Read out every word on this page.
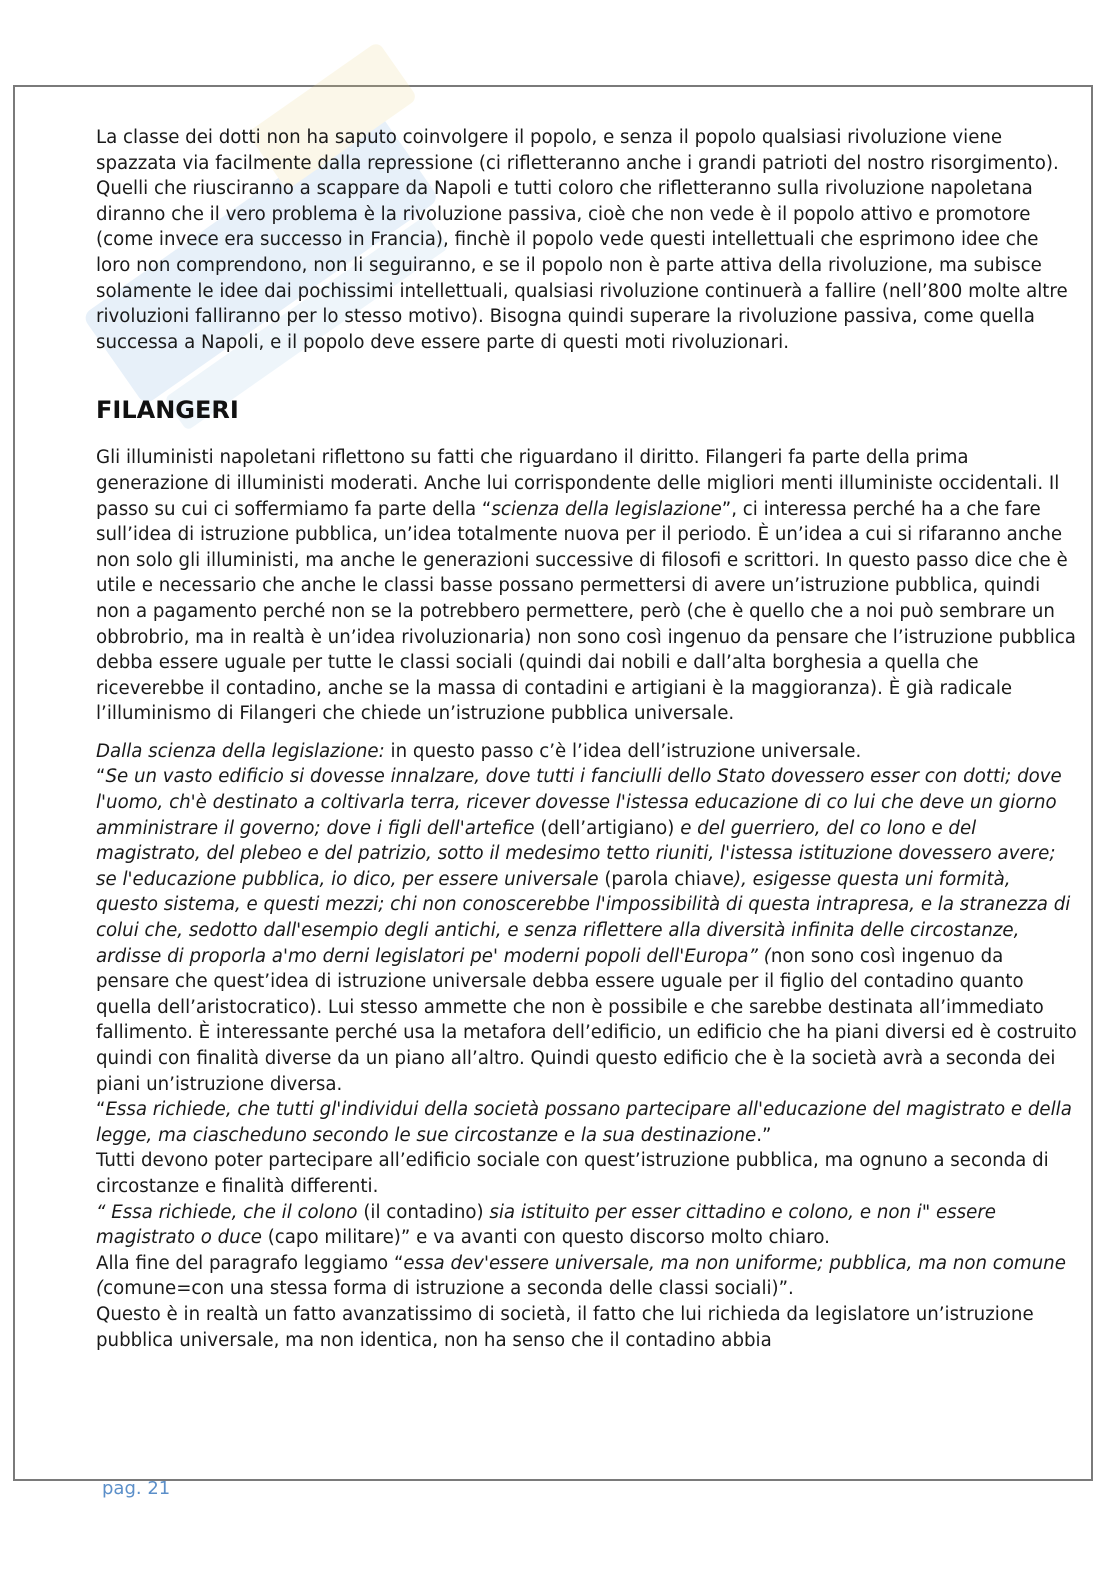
La classe dei dotti non ha saputo coinvolgere il popolo, e senza il popolo qualsiasi rivoluzione viene spazzata via facilmente dalla repressione (ci rifletteranno anche i grandi patrioti del nostro risorgimento). Quelli che riusciranno a scappare da Napoli e tutti coloro che rifletteranno sulla rivoluzione napoletana diranno che il vero problema è la rivoluzione passiva, cioè che non vede è il popolo attivo e promotore (come invece era successo in Francia), finchè il popolo vede questi intellettuali che esprimono idee che loro non comprendono, non li seguiranno, e se il popolo non è parte attiva della rivoluzione, ma subisce solamente le idee dai pochissimi intellettuali, qualsiasi rivoluzione continuerà a fallire (nell’800 molte altre rivoluzioni falliranno per lo stesso motivo). Bisogna quindi superare la rivoluzione passiva, come quella successa a Napoli, e il popolo deve essere parte di questi moti rivoluzionari.

FILANGERI

Gli illuministi napoletani riflettono su fatti che riguardano il diritto. Filangeri fa parte della prima generazione di illuministi moderati. Anche lui corrispondente delle migliori menti illuministe occidentali. Il passo su cui ci soffermiamo fa parte della “scienza della legislazione”, ci interessa perché ha a che fare sull’idea di istruzione pubblica, un’idea totalmente nuova per il periodo. È un’idea a cui si rifaranno anche non solo gli illuministi, ma anche le generazioni successive di filosofi e scrittori. In questo passo dice che è utile e necessario che anche le classi basse possano permettersi di avere un’istruzione pubblica, quindi non a pagamento perché non se la potrebbero permettere, però (che è quello che a noi può sembrare un obbrobrio, ma in realtà è un’idea rivoluzionaria) non sono così ingenuo da pensare che l’istruzione pubblica debba essere uguale per tutte le classi sociali (quindi dai nobili e dall’alta borghesia a quella che riceverebbe il contadino, anche se la massa di contadini e artigiani è la maggioranza). È già radicale l’illuminismo di Filangeri che chiede un’istruzione pubblica universale.

Dalla scienza della legislazione: in questo passo c’è l’idea dell’istruzione universale.
“Se un vasto edificio si dovesse innalzare, dove tutti i fanciulli dello Stato dovessero esser con dotti; dove l'uomo, ch'è destinato a coltivarla terra, ricever dovesse l'istessa educazione di co lui che deve un giorno amministrare il governo; dove i figli dell'artefice (dell’artigiano) e del guerriero, del co lono e del magistrato, del plebeo e del patrizio, sotto il medesimo tetto riuniti, l'istessa istituzione dovessero avere; se l'educazione pubblica, io dico, per essere universale (parola chiave), esigesse questa uni formità, questo sistema, e questi mezzi; chi non conoscerebbe l'impossibilità di questa intrapresa, e la stranezza di colui che, sedotto dall'esempio degli antichi, e senza riflettere alla diversità infinita delle circostanze, ardisse di proporla a'mo derni legislatori pe' moderni popoli dell'Europa” (non sono così ingenuo da pensare che quest’idea di istruzione universale debba essere uguale per il figlio del contadino quanto quella dell’aristocratico). Lui stesso ammette che non è possibile e che sarebbe destinata all’immediato fallimento. È interessante perché usa la metafora dell’edificio, un edificio che ha piani diversi ed è costruito quindi con finalità diverse da un piano all’altro. Quindi questo edificio che è la società avrà a seconda dei piani un’istruzione diversa.
“Essa richiede, che tutti gl'individui della società possano partecipare all'educazione del magistrato e della legge, ma ciascheduno secondo le sue circostanze e la sua destinazione.”
Tutti devono poter partecipare all’edificio sociale con quest’istruzione pubblica, ma ognuno a seconda di circostanze e finalità differenti.
“ Essa richiede, che il colono (il contadino) sia istituito per esser cittadino e colono, e non i" essere magistrato o duce (capo militare)” e va avanti con questo discorso molto chiaro.
Alla fine del paragrafo leggiamo “essa dev'essere universale, ma non uniforme; pubblica, ma non comune (comune=con una stessa forma di istruzione a seconda delle classi sociali)”.
Questo è in realtà un fatto avanzatissimo di società, il fatto che lui richieda da legislatore un’istruzione pubblica universale, ma non identica, non ha senso che il contadino abbia

pag. 21
